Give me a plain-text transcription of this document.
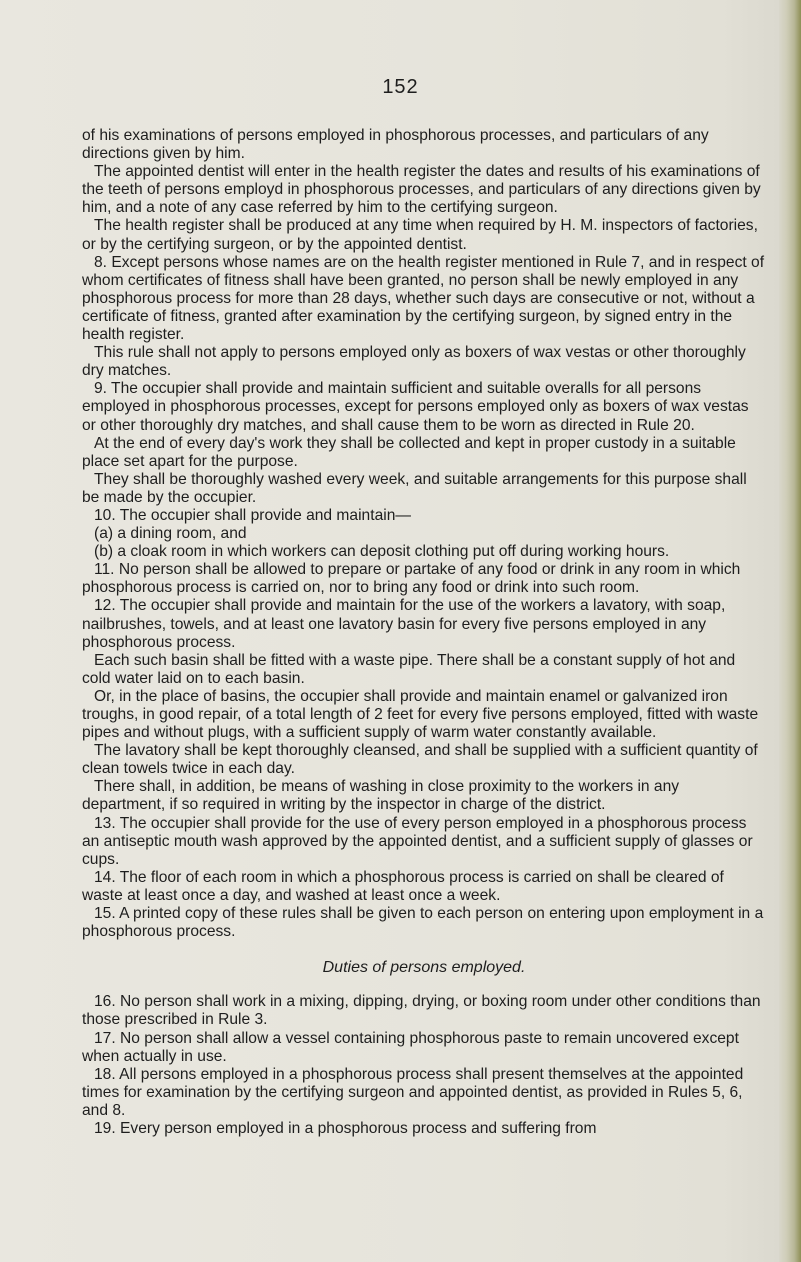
152

of his examinations of persons employed in phosphorous processes, and particulars of any directions given by him.

The appointed dentist will enter in the health register the dates and results of his examinations of the teeth of persons employd in phosphorous processes, and particulars of any directions given by him, and a note of any case referred by him to the certifying surgeon.

The health register shall be produced at any time when required by H. M. inspectors of factories, or by the certifying surgeon, or by the appointed dentist.

8. Except persons whose names are on the health register mentioned in Rule 7, and in respect of whom certificates of fitness shall have been granted, no person shall be newly employed in any phosphorous process for more than 28 days, whether such days are consecutive or not, without a certificate of fitness, granted after examination by the certifying surgeon, by signed entry in the health register.

This rule shall not apply to persons employed only as boxers of wax vestas or other thoroughly dry matches.

9. The occupier shall provide and maintain sufficient and suitable overalls for all persons employed in phosphorous processes, except for persons employed only as boxers of wax vestas or other thoroughly dry matches, and shall cause them to be worn as directed in Rule 20.

At the end of every day's work they shall be collected and kept in proper custody in a suitable place set apart for the purpose.

They shall be thoroughly washed every week, and suitable arrangements for this purpose shall be made by the occupier.

10. The occupier shall provide and maintain—

(a) a dining room, and

(b) a cloak room in which workers can deposit clothing put off during working hours.

11. No person shall be allowed to prepare or partake of any food or drink in any room in which phosphorous process is carried on, nor to bring any food or drink into such room.

12. The occupier shall provide and maintain for the use of the workers a lavatory, with soap, nailbrushes, towels, and at least one lavatory basin for every five persons employed in any phosphorous process.

Each such basin shall be fitted with a waste pipe. There shall be a constant supply of hot and cold water laid on to each basin.

Or, in the place of basins, the occupier shall provide and maintain enamel or galvanized iron troughs, in good repair, of a total length of 2 feet for every five persons employed, fitted with waste pipes and without plugs, with a sufficient supply of warm water constantly available.

The lavatory shall be kept thoroughly cleansed, and shall be supplied with a sufficient quantity of clean towels twice in each day.

There shall, in addition, be means of washing in close proximity to the workers in any department, if so required in writing by the inspector in charge of the district.

13. The occupier shall provide for the use of every person employed in a phosphorous process an antiseptic mouth wash approved by the appointed dentist, and a sufficient supply of glasses or cups.

14. The floor of each room in which a phosphorous process is carried on shall be cleared of waste at least once a day, and washed at least once a week.

15. A printed copy of these rules shall be given to each person on entering upon employment in a phosphorous process.

Duties of persons employed.

16. No person shall work in a mixing, dipping, drying, or boxing room under other conditions than those prescribed in Rule 3.

17. No person shall allow a vessel containing phosphorous paste to remain uncovered except when actually in use.

18. All persons employed in a phosphorous process shall present themselves at the appointed times for examination by the certifying surgeon and appointed dentist, as provided in Rules 5, 6, and 8.

19. Every person employed in a phosphorous process and suffering from
